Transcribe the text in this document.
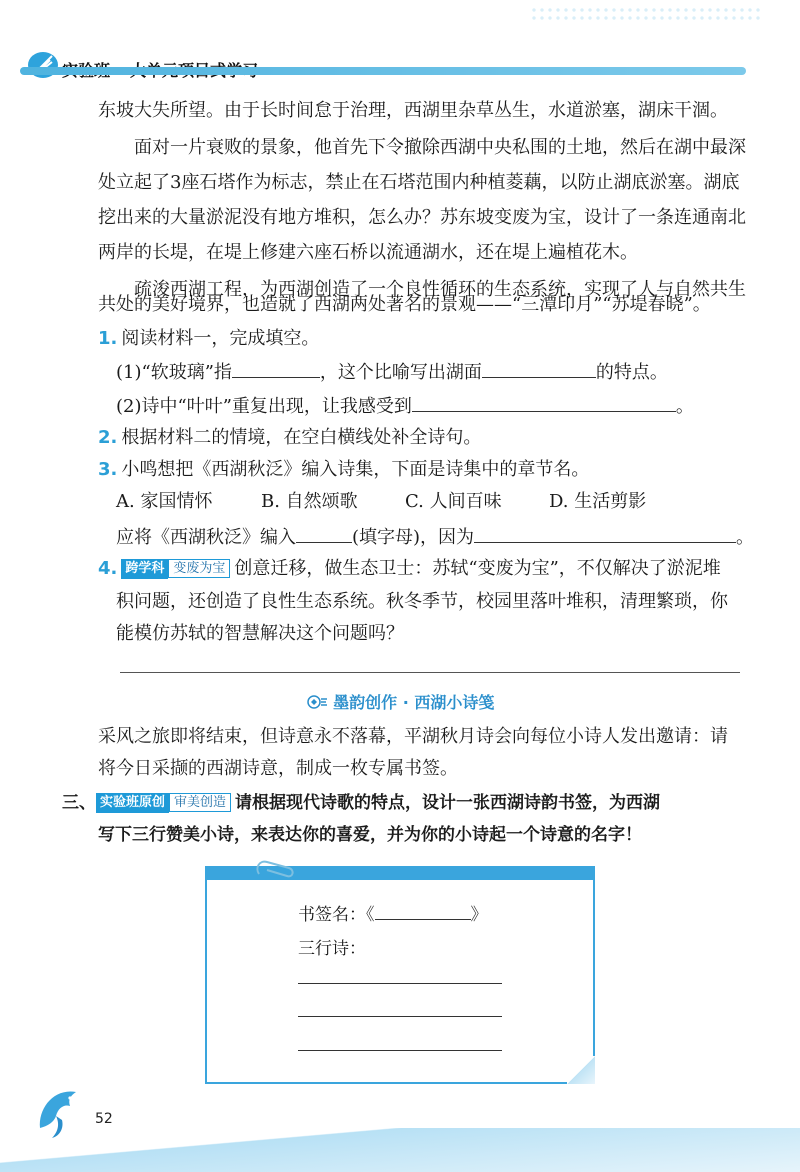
东坡大失所望。由于长时间怠于治理，西湖里杂草丛生，水道淤塞，湖床干涸。
面对一片衰败的景象，他首先下令撤除西湖中央私围的土地，然后在湖中最深
处立起了3座石塔作为标志，禁止在石塔范围内种植菱藕，以防止湖底淤塞。湖底
挖出来的大量淤泥没有地方堆积，怎么办？苏东坡变废为宝，设计了一条连通南北
两岸的长堤，在堤上修建六座石桥以流通湖水，还在堤上遍植花木。
疏浚西湖工程，为西湖创造了一个良性循环的生态系统，实现了人与自然共生
共处的美好境界，也造就了西湖两处著名的景观——“三潭印月”“苏堤春晓”。
1. 阅读材料一，完成填空。
(1)“软玻璃”指	，这个比喻写出湖面	的特点。
(2)诗中“叶叶”重复出现，让我感受到	。
2. 根据材料二的情境，在空白横线处补全诗句。
3. 小鸣想把《西湖秋泛》编入诗集，下面是诗集中的章节名。
A. 家国情怀	B. 自然颂歌	C. 人间百味	D. 生活剪影
应将《西湖秋泛》编入	(填字母)，因为	。
4. 跨学科 变废为宝 创意迁移，做生态卫士：苏轼“变废为宝”，不仅解决了淤泥堆
积问题，还创造了良性生态系统。秋冬季节，校园里落叶堆积，清理繁琐，你
能模仿苏轼的智慧解决这个问题吗？
墨韵创作 · 西湖小诗笺
采风之旅即将结束，但诗意永不落幕，平湖秋月诗会向每位小诗人发出邀请：请
将今日采撷的西湖诗意，制成一枚专属书签。
三、 实验班原创 审美创造 请根据现代诗歌的特点，设计一张西湖诗韵书签，为西湖
写下三行赞美小诗，来表达你的喜爱，并为你的小诗起一个诗意的名字！
书签名：《	》
三行诗：
52
